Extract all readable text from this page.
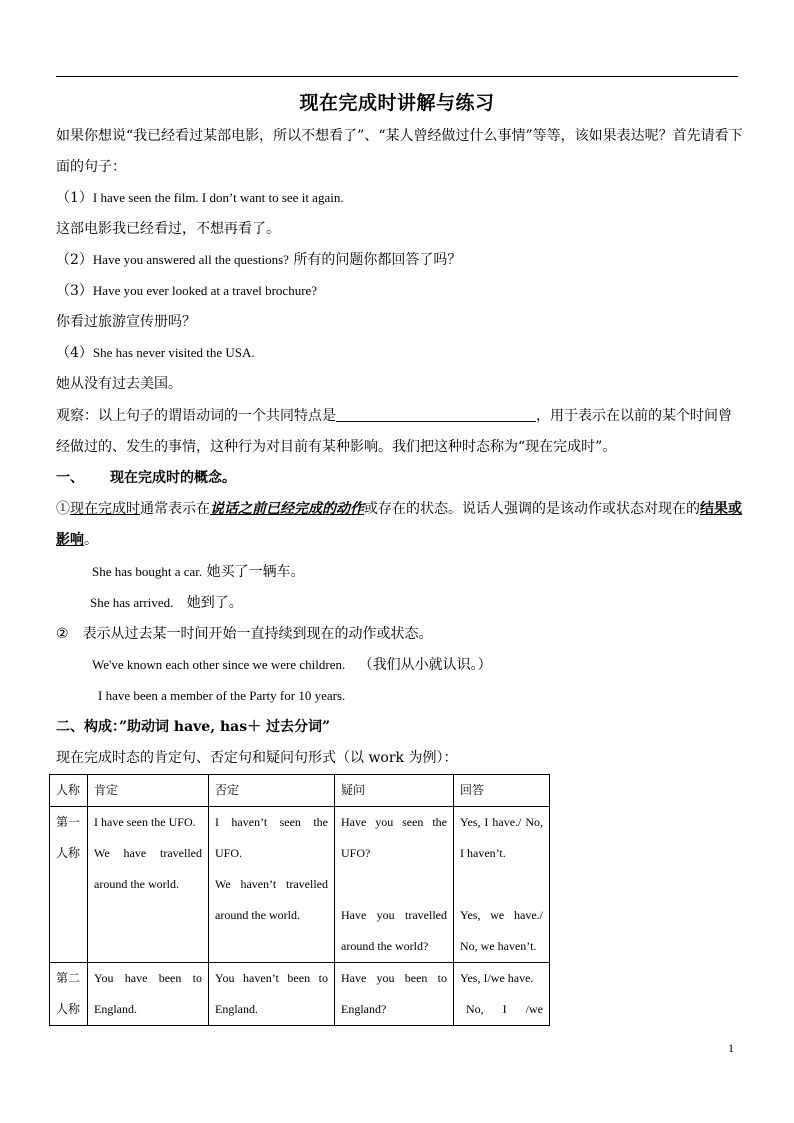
现在完成时讲解与练习
如果你想说“我已经看过某部电影，所以不想看了”、“某人曾经做过什么事情”等等，该如果表达呢？首先请看下
面的句子：
（1）I have seen the film. I don’t want to see it again.
这部电影我已经看过，不想再看了。
（2）Have you answered all the questions? 所有的问题你都回答了吗？
（3）Have you ever looked at a travel brochure?
你看过旅游宣传册吗？
（4）She has never visited the USA.
她从没有过去美国。
观察：以上句子的谓语动词的一个共同特点是	，用于表示在以前的某个时间曾
经做过的、发生的事情，这种行为对目前有某种影响。我们把这种时态称为“现在完成时”。
一、 现在完成时的概念。
①现在完成时通常表示在说话之前已经完成的动作或存在的状态。说话人强调的是该动作或状态对现在的结果或
影响。
She has bought a car. 她买了一辆车。
She has arrived. 她到了。
② 表示从过去某一时间开始一直持续到现在的动作或状态。
We've known each other since we were children. （我们从小就认识。）
I have been a member of the Party for 10 years.
二、构成：”助动词 have, has＋ 过去分词”
现在完成时态的肯定句、否定句和疑问句形式（以 work 为例）：
人称	肯定	否定	疑问	回答

第一
人称	I have seen the UFO.
We have travelled
around the world.	I haven’t seen the
UFO.
We haven’t travelled
around the world.	Have you seen the
UFO?
Have you travelled
around the world?	Yes, I have./ No,
I haven’t.
Yes, we have./
No, we haven’t.

第二
人称	You have been to
England.	You haven’t been to
England.	Have you been to
England?	Yes, I/we have.
No, I /we
1
